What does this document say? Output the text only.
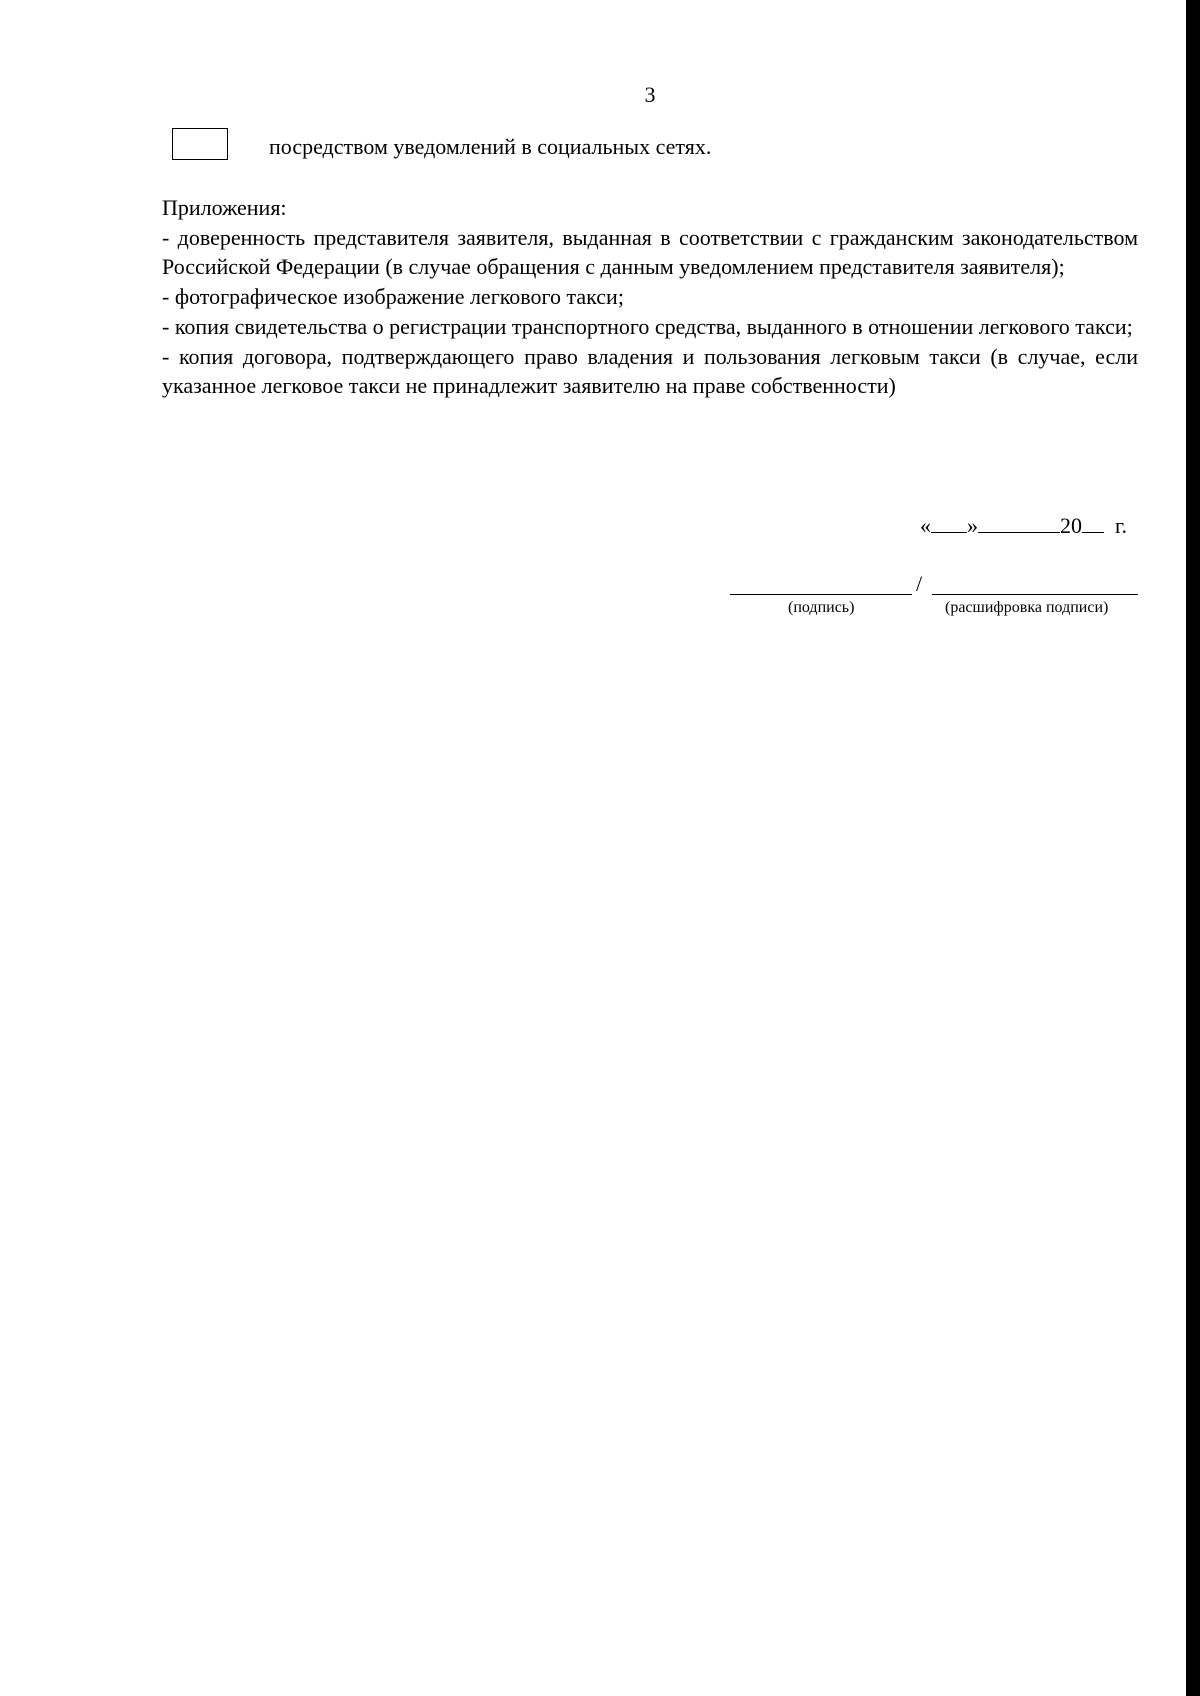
3
посредством уведомлений в социальных сетях.
Приложения:
- доверенность представителя заявителя, выданная в соответствии с гражданским законодательством Российской Федерации (в случае обращения с данным уведомлением представителя заявителя);
- фотографическое изображение легкового такси;
- копия свидетельства о регистрации транспортного средства, выданного в отношении легкового такси;
- копия договора, подтверждающего право владения и пользования легковым такси (в случае, если указанное легковое такси не принадлежит заявителю на праве собственности)
« »	20 г.
/
(подпись)	(расшифровка подписи)
